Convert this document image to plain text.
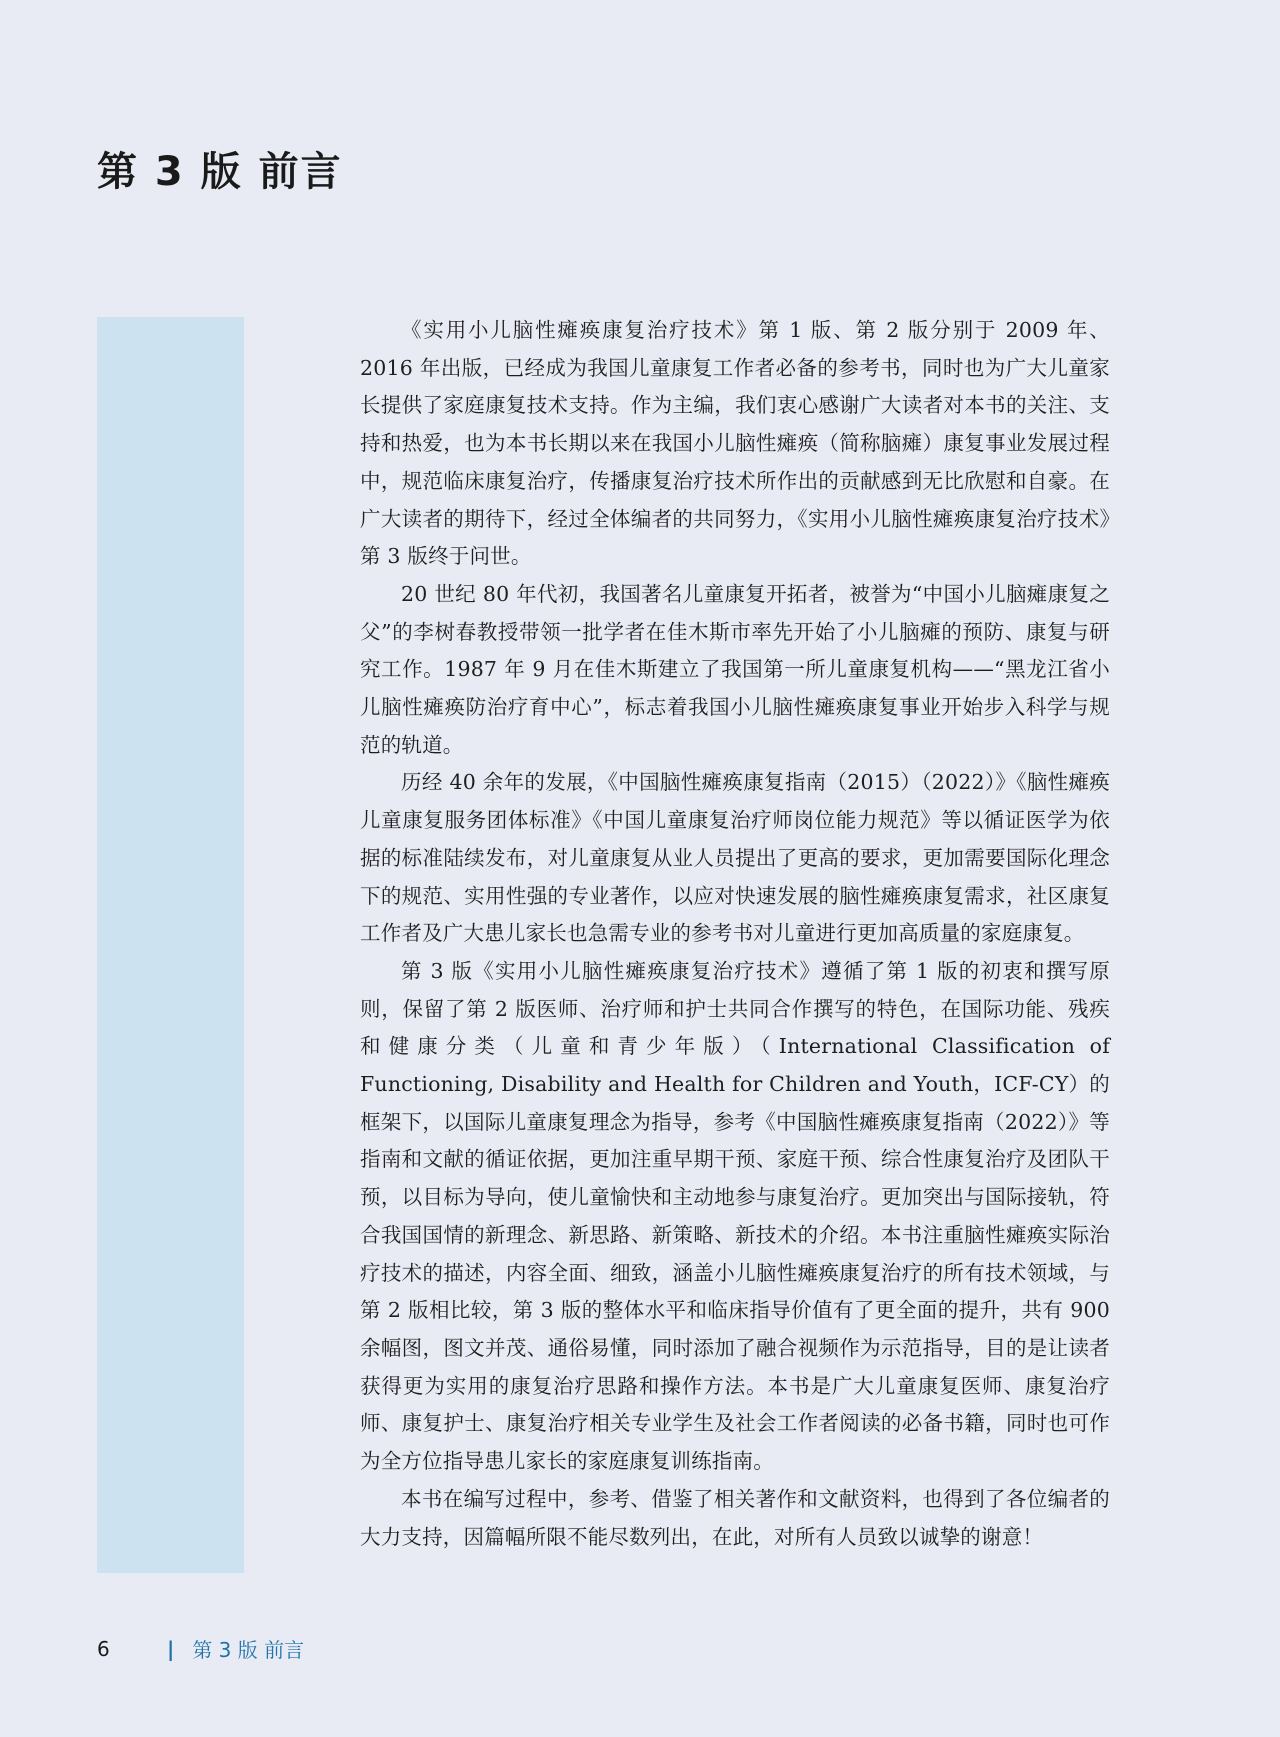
第 3 版 前言

《实用小儿脑性瘫痪康复治疗技术》第 1 版、第 2 版分别于 2009 年、2016 年出版，已经成为我国儿童康复工作者必备的参考书，同时也为广大儿童家长提供了家庭康复技术支持。作为主编，我们衷心感谢广大读者对本书的关注、支持和热爱，也为本书长期以来在我国小儿脑性瘫痪（简称脑瘫）康复事业发展过程中，规范临床康复治疗，传播康复治疗技术所作出的贡献感到无比欣慰和自豪。在广大读者的期待下，经过全体编者的共同努力，《实用小儿脑性瘫痪康复治疗技术》第 3 版终于问世。

20 世纪 80 年代初，我国著名儿童康复开拓者，被誉为“中国小儿脑瘫康复之父”的李树春教授带领一批学者在佳木斯市率先开始了小儿脑瘫的预防、康复与研究工作。1987 年 9 月在佳木斯建立了我国第一所儿童康复机构——“黑龙江省小儿脑性瘫痪防治疗育中心”，标志着我国小儿脑性瘫痪康复事业开始步入科学与规范的轨道。

历经 40 余年的发展，《中国脑性瘫痪康复指南（2015）（2022）》《脑性瘫痪儿童康复服务团体标准》《中国儿童康复治疗师岗位能力规范》等以循证医学为依据的标准陆续发布，对儿童康复从业人员提出了更高的要求，更加需要国际化理念下的规范、实用性强的专业著作，以应对快速发展的脑性瘫痪康复需求，社区康复工作者及广大患儿家长也急需专业的参考书对儿童进行更加高质量的家庭康复。

第 3 版《实用小儿脑性瘫痪康复治疗技术》遵循了第 1 版的初衷和撰写原则，保留了第 2 版医师、治疗师和护士共同合作撰写的特色，在国际功能、残疾和健康分类（儿童和青少年版）（International Classification of Functioning, Disability and Health for Children and Youth，ICF-CY）的框架下，以国际儿童康复理念为指导，参考《中国脑性瘫痪康复指南（2022）》等指南和文献的循证依据，更加注重早期干预、家庭干预、综合性康复治疗及团队干预，以目标为导向，使儿童愉快和主动地参与康复治疗。更加突出与国际接轨，符合我国国情的新理念、新思路、新策略、新技术的介绍。本书注重脑性瘫痪实际治疗技术的描述，内容全面、细致，涵盖小儿脑性瘫痪康复治疗的所有技术领域，与第 2 版相比较，第 3 版的整体水平和临床指导价值有了更全面的提升，共有 900 余幅图，图文并茂、通俗易懂，同时添加了融合视频作为示范指导，目的是让读者获得更为实用的康复治疗思路和操作方法。本书是广大儿童康复医师、康复治疗师、康复护士、康复治疗相关专业学生及社会工作者阅读的必备书籍，同时也可作为全方位指导患儿家长的家庭康复训练指南。

本书在编写过程中，参考、借鉴了相关著作和文献资料，也得到了各位编者的大力支持，因篇幅所限不能尽数列出，在此，对所有人员致以诚挚的谢意！

6	| 第 3 版 前言
